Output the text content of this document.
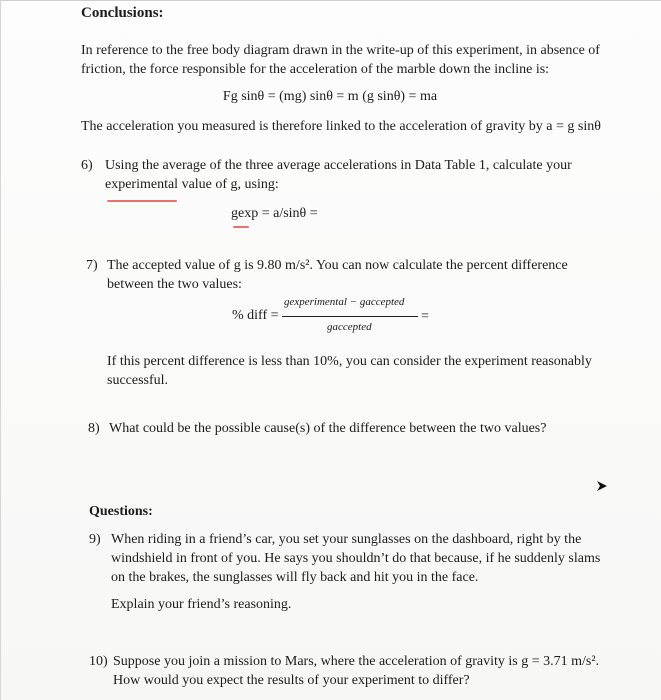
Conclusions:
In reference to the free body diagram drawn in the write-up of this experiment, in absence of
friction, the force responsible for the acceleration of the marble down the incline is:
Fg sinθ = (mg) sinθ = m (g sinθ) = ma
The acceleration you measured is therefore linked to the acceleration of gravity by a = g sinθ
6) Using the average of the three average accelerations in Data Table 1, calculate your
experimental value of g, using:
gexp = a/sinθ =
7) The accepted value of g is 9.80 m/s². You can now calculate the percent difference
between the two values:
% diff =
gexperimental − gaccepted
gaccepted
=
If this percent difference is less than 10%, you can consider the experiment reasonably
successful.
8) What could be the possible cause(s) of the difference between the two values?
Questions:
9) When riding in a friend’s car, you set your sunglasses on the dashboard, right by the
windshield in front of you. He says you shouldn’t do that because, if he suddenly slams
on the brakes, the sunglasses will fly back and hit you in the face.
Explain your friend’s reasoning.
10) Suppose you join a mission to Mars, where the acceleration of gravity is g = 3.71 m/s².
How would you expect the results of your experiment to differ?
